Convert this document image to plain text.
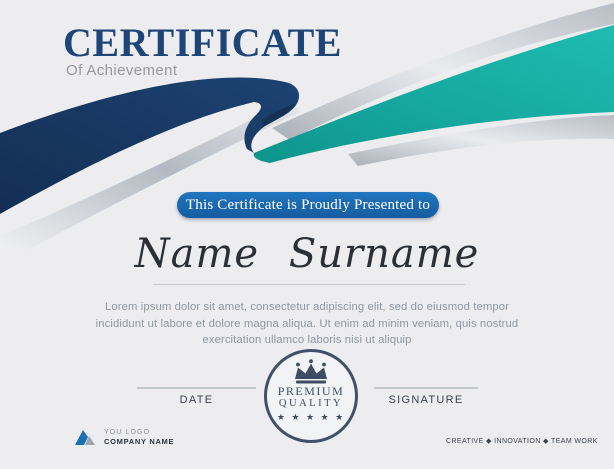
CERTIFICATE
Of Achievement
This Certificate is Proudly Presented to
Name Surname

Lorem ipsum dolor sit amet, consectetur adipiscing elit, sed do eiusmod tempor incididunt ut labore et dolore magna aliqua. Ut enim ad minim veniam, quis nostrud exercitation ullamco laboris nisi ut aliquip

DATE	SIGNATURE
PREMIUM
QUALITY
★ ★ ★ ★ ★
YOU LOGO
COMPANY NAME	CREATIVE ◆ INNOVATION ◆ TEAM WORK
